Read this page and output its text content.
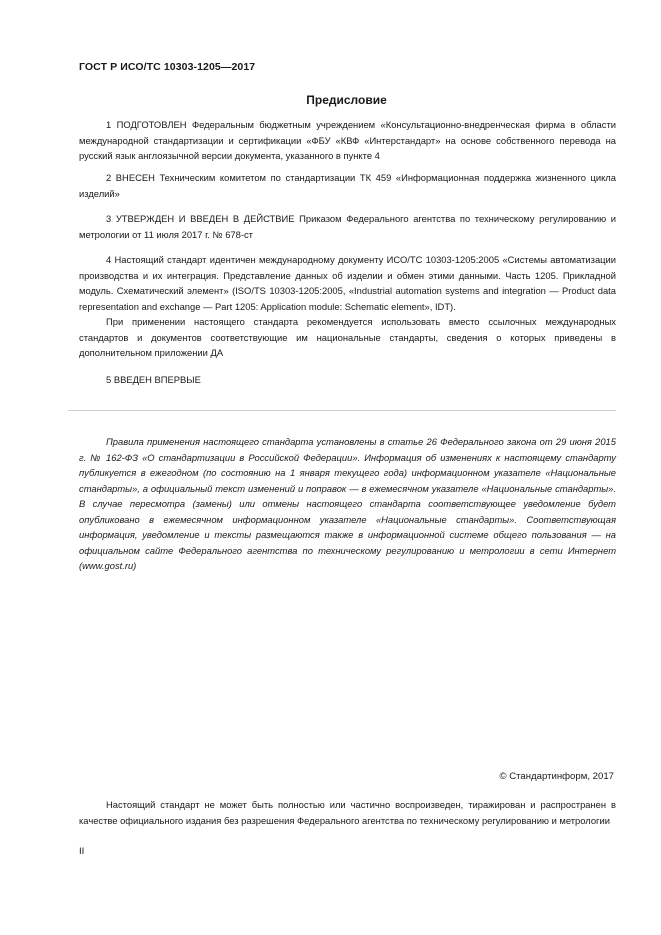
ГОСТ Р ИСО/ТС 10303-1205—2017
Предисловие

1 ПОДГОТОВЛЕН Федеральным бюджетным учреждением «Консультационно-внедренческая фирма в области международной стандартизации и сертификации «ФБУ «КВФ «Интерстандарт» на основе собственного перевода на русский язык англоязычной версии документа, указанного в пункте 4

2 ВНЕСЕН Техническим комитетом по стандартизации ТК 459 «Информационная поддержка жизненного цикла изделий»

3 УТВЕРЖДЕН И ВВЕДЕН В ДЕЙСТВИЕ Приказом Федерального агентства по техническому регулированию и метрологии от 11 июля 2017 г. № 678-ст

4 Настоящий стандарт идентичен международному документу ИСО/ТС 10303-1205:2005 «Системы автоматизации производства и их интеграция. Представление данных об изделии и обмен этими данными. Часть 1205. Прикладной модуль. Схематический элемент» (ISO/TS 10303-1205:2005, «Industrial automation systems and integration — Product data representation and exchange — Part 1205: Application module: Schematic element», IDT).

При применении настоящего стандарта рекомендуется использовать вместо ссылочных международных стандартов и документов соответствующие им национальные стандарты, сведения о которых приведены в дополнительном приложении ДА

5 ВВЕДЕН ВПЕРВЫЕ

Правила применения настоящего стандарта установлены в статье 26 Федерального закона от 29 июня 2015 г. № 162-ФЗ «О стандартизации в Российской Федерации». Информация об изменениях к настоящему стандарту публикуется в ежегодном (по состоянию на 1 января текущего года) информационном указателе «Национальные стандарты», а официальный текст изменений и поправок — в ежемесячном указателе «Национальные стандарты». В случае пересмотра (замены) или отмены настоящего стандарта соответствующее уведомление будет опубликовано в ежемесячном информационном указателе «Национальные стандарты». Соответствующая информация, уведомление и тексты размещаются также в информационной системе общего пользования — на официальном сайте Федерального агентства по техническому регулированию и метрологии в сети Интернет (www.gost.ru)

© Стандартинформ, 2017

Настоящий стандарт не может быть полностью или частично воспроизведен, тиражирован и распространен в качестве официального издания без разрешения Федерального агентства по техническому регулированию и метрологии

II
